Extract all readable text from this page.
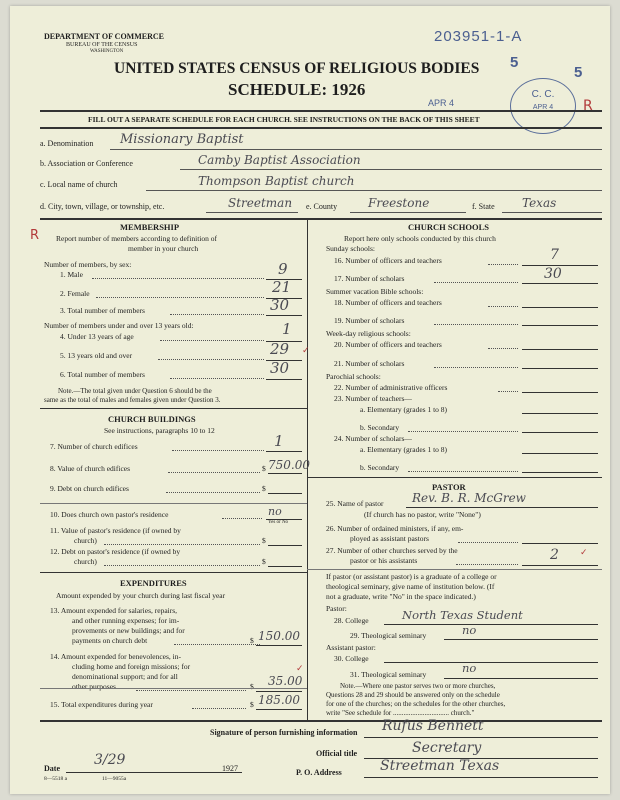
DEPARTMENT OF COMMERCE
BUREAU OF THE CENSUS
WASHINGTON
UNITED STATES CENSUS OF RELIGIOUS BODIES
SCHEDULE: 1926
203951-1-A
5
5
C. C.
APR 4
APR 4	R
FILL OUT A SEPARATE SCHEDULE FOR EACH CHURCH. SEE INSTRUCTIONS ON THE BACK OF THIS SHEET
a. Denomination Missionary Baptist
b. Association or Conference	Camby Baptist Association
c. Local name of church	Thompson Baptist church
d. City, town, village, or township, etc.	Streetman e. County	Freestone	f. State Texas
MEMBERSHIP
Report number of members according to definition of
member in your church
Number of members, by sex:
R
1. Male	9
2. Female	21
3. Total number of members	30
Number of members under and over 13 years old:
4. Under 13 years of age	1
5. 13 years old and over	29 ✓
6. Total number of members	30
Note.—The total given under Question 6 should be the
same as the total of males and females given under Question 3.
CHURCH BUILDINGS
See instructions, paragraphs 10 to 12
7. Number of church edifices	1
8. Value of church edifices	$ 750.00
9. Debt on church edifices	$
10. Does church own pastor's residence	no
Yes or No
11. Value of pastor's residence (if owned by
church)	$
12. Debt on pastor's residence (if owned by
church)	$
EXPENDITURES
Amount expended by your church during last fiscal year
13. Amount expended for salaries, repairs,
and other running expenses; for im-
provements or new buildings; and for
payments on church debt	$ 150.00
14. Amount expended for benevolences, in-
cluding home and foreign missions; for
denominational support; and for all
other purposes	$ 35.00
✓
15. Total expenditures during year	$ 185.00
CHURCH SCHOOLS
Report here only schools conducted by this church
Sunday schools:
16. Number of officers and teachers	7
17. Number of scholars	30
Summer vacation Bible schools:
18. Number of officers and teachers
19. Number of scholars
Week-day religious schools:
20. Number of officers and teachers
21. Number of scholars
Parochial schools:
22. Number of administrative officers
23. Number of teachers—
a. Elementary (grades 1 to 8)
b. Secondary
24. Number of scholars—
a. Elementary (grades 1 to 8)
b. Secondary
PASTOR
25. Name of pastor Rev. B. R. McGrew
(If church has no pastor, write "None")
26. Number of ordained ministers, if any, em-
ployed as assistant pastors
27. Number of other churches served by the
pastor or his assistants	2 ✓
If pastor (or assistant pastor) is a graduate of a college or
theological seminary, give name of institution below. (If
not a graduate, write "No" in the space indicated.)
Pastor:
28. College	North Texas Student
29. Theological seminary	no
Assistant pastor:
30. College
31. Theological seminary	no
Note.—Where one pastor serves two or more churches,
Questions 28 and 29 should be answered only on the schedule
for one of the churches; on the schedules for the other churches,
write "See schedule for ................................ church."
Signature of person furnishing information Rufus Bennett
Official title	Secretary
Date
3/29
1927	P. O. Address	Streetman Texas
8—5518 a	11—9055a
